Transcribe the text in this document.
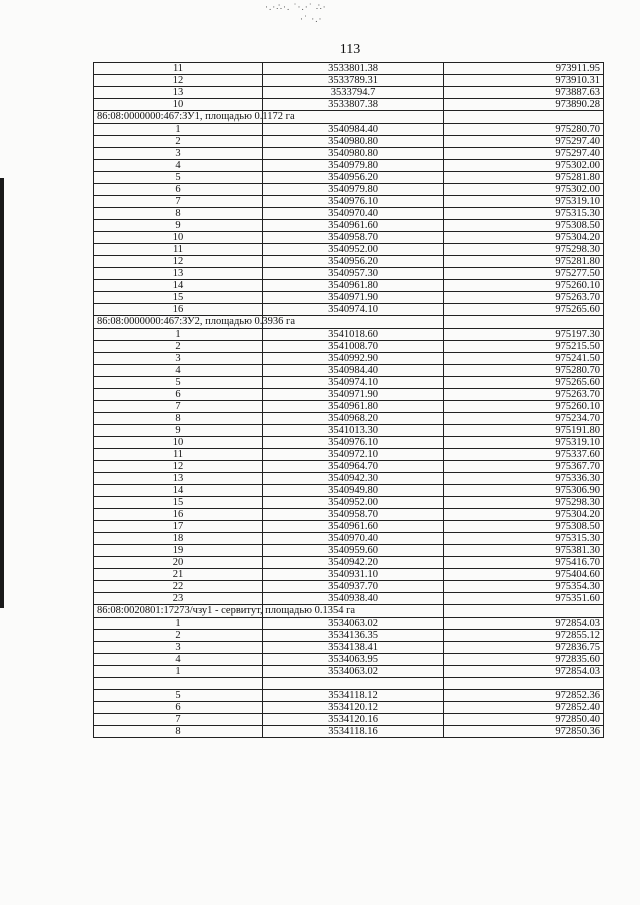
·.·∴·. ˙·.·˙ ∴·
·˙ ·.·
113
11	3533801.38	973911.95
12	3533789.31	973910.31
13	3533794.7	973887.63
10	3533807.38	973890.28
86:08:0000000:467:ЗУ1, площадью 0.1172 га		
1	3540984.40	975280.70
2	3540980.80	975297.40
3	3540980.80	975297.40
4	3540979.80	975302.00
5	3540956.20	975281.80
6	3540979.80	975302.00
7	3540976.10	975319.10
8	3540970.40	975315.30
9	3540961.60	975308.50
10	3540958.70	975304.20
11	3540952.00	975298.30
12	3540956.20	975281.80
13	3540957.30	975277.50
14	3540961.80	975260.10
15	3540971.90	975263.70
16	3540974.10	975265.60
86:08:0000000:467:ЗУ2, площадью 0.3936 га		
1	3541018.60	975197.30
2	3541008.70	975215.50
3	3540992.90	975241.50
4	3540984.40	975280.70
5	3540974.10	975265.60
6	3540971.90	975263.70
7	3540961.80	975260.10
8	3540968.20	975234.70
9	3541013.30	975191.80
10	3540976.10	975319.10
11	3540972.10	975337.60
12	3540964.70	975367.70
13	3540942.30	975336.30
14	3540949.80	975306.90
15	3540952.00	975298.30
16	3540958.70	975304.20
17	3540961.60	975308.50
18	3540970.40	975315.30
19	3540959.60	975381.30
20	3540942.20	975416.70
21	3540931.10	975404.60
22	3540937.70	975354.30
23	3540938.40	975351.60
86:08:0020801:17273/чзу1 - сервитут, площадью 0.1354 га		
1	3534063.02	972854.03
2	3534136.35	972855.12
3	3534138.41	972836.75
4	3534063.95	972835.60
1	3534063.02	972854.03

5	3534118.12	972852.36
6	3534120.12	972852.40
7	3534120.16	972850.40
8	3534118.16	972850.36
